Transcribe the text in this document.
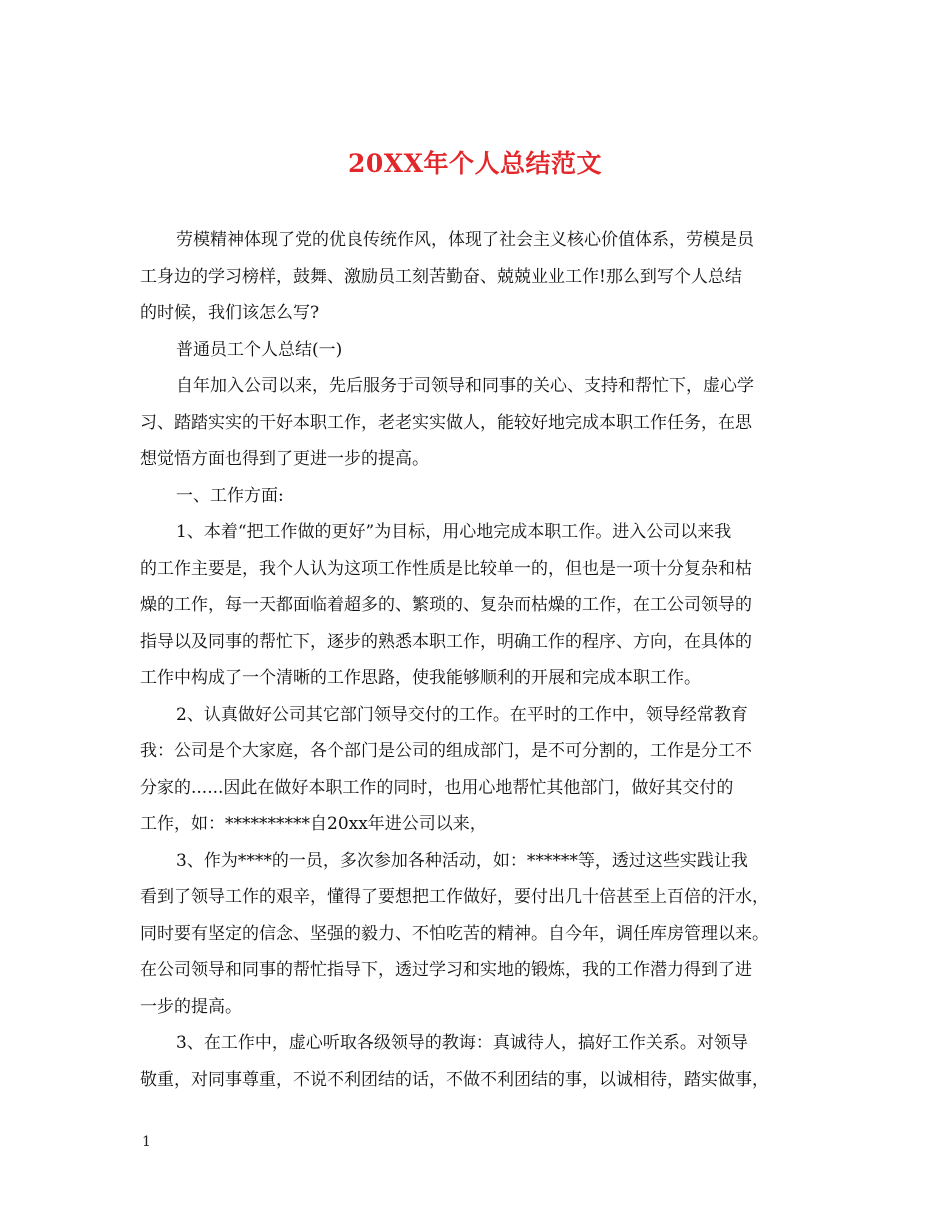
20XX年个人总结范文
劳模精神体现了党的优良传统作风，体现了社会主义核心价值体系，劳模是员
工身边的学习榜样，鼓舞、激励员工刻苦勤奋、兢兢业业工作!那么到写个人总结
的时候，我们该怎么写?
普通员工个人总结(一)
自年加入公司以来，先后服务于司领导和同事的关心、支持和帮忙下，虚心学
习、踏踏实实的干好本职工作，老老实实做人，能较好地完成本职工作任务，在思
想觉悟方面也得到了更进一步的提高。
一、工作方面:
1、本着“把工作做的更好”为目标，用心地完成本职工作。进入公司以来我
的工作主要是，我个人认为这项工作性质是比较单一的，但也是一项十分复杂和枯
燥的工作，每一天都面临着超多的、繁琐的、复杂而枯燥的工作，在工公司领导的
指导以及同事的帮忙下，逐步的熟悉本职工作，明确工作的程序、方向，在具体的
工作中构成了一个清晰的工作思路，使我能够顺利的开展和完成本职工作。
2、认真做好公司其它部门领导交付的工作。在平时的工作中，领导经常教育
我：公司是个大家庭，各个部门是公司的组成部门，是不可分割的，工作是分工不
分家的......因此在做好本职工作的同时，也用心地帮忙其他部门，做好其交付的
工作，如：**********自20xx年进公司以来，
3、作为****的一员，多次参加各种活动，如：******等，透过这些实践让我
看到了领导工作的艰辛，懂得了要想把工作做好，要付出几十倍甚至上百倍的汗水，
同时要有坚定的信念、坚强的毅力、不怕吃苦的精神。自今年，调任库房管理以来。
在公司领导和同事的帮忙指导下，透过学习和实地的锻炼，我的工作潜力得到了进
一步的提高。
3、在工作中，虚心听取各级领导的教诲：真诚待人，搞好工作关系。对领导
敬重，对同事尊重，不说不利团结的话，不做不利团结的事，以诚相待，踏实做事，
1
